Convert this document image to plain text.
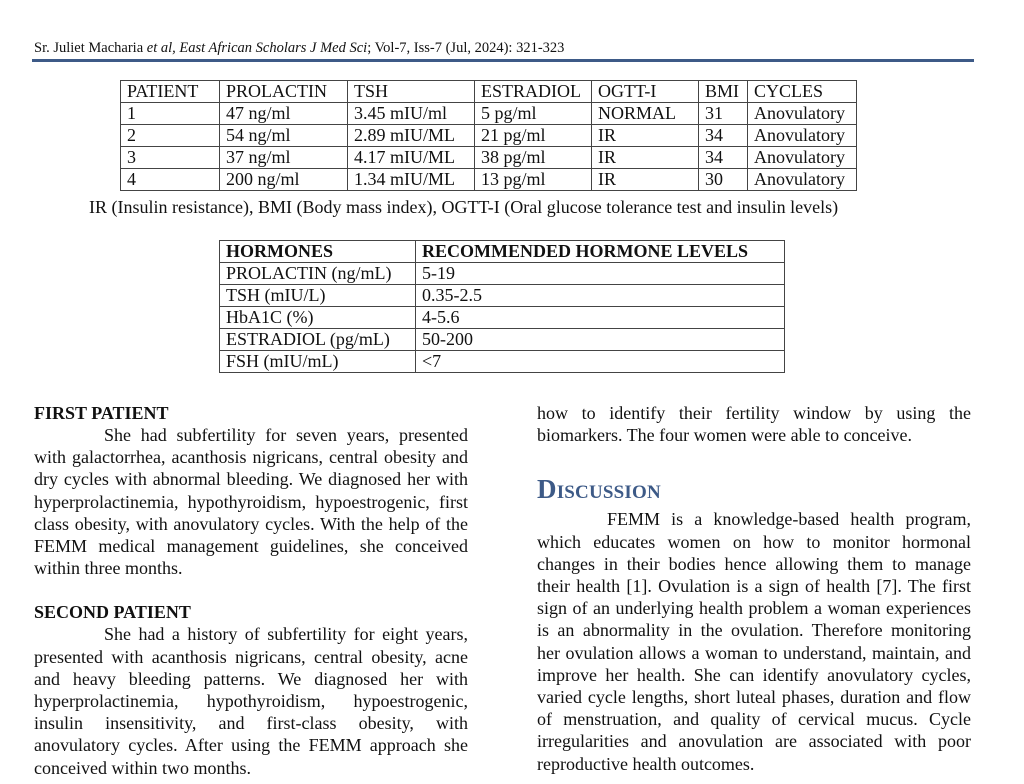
Sr. Juliet Macharia et al, East African Scholars J Med Sci; Vol-7, Iss-7 (Jul, 2024): 321-323
PATIENT	PROLACTIN	TSH	ESTRADIOL	OGTT-I	BMI	CYCLES
1	47 ng/ml	3.45 mIU/ml	5 pg/ml	NORMAL	31	Anovulatory
2	54 ng/ml	2.89 mIU/ML	21 pg/ml	IR	34	Anovulatory
3	37 ng/ml	4.17 mIU/ML	38 pg/ml	IR	34	Anovulatory
4	200 ng/ml	1.34 mIU/ML	13 pg/ml	IR	30	Anovulatory
IR (Insulin resistance), BMI (Body mass index), OGTT-I (Oral glucose tolerance test and insulin levels)
HORMONES	RECOMMENDED HORMONE LEVELS
PROLACTIN (ng/mL)	5-19
TSH (mIU/L)	0.35-2.5
HbA1C (%)	4-5.6
ESTRADIOL (pg/mL)	50-200
FSH (mIU/mL)	<7
FIRST PATIENT

She had subfertility for seven years, presented with galactorrhea, acanthosis nigricans, central obesity and dry cycles with abnormal bleeding. We diagnosed her with hyperprolactinemia, hypothyroidism, hypoestrogenic, first class obesity, with anovulatory cycles. With the help of the FEMM medical management guidelines, she conceived within three months.

SECOND PATIENT

She had a history of subfertility for eight years, presented with acanthosis nigricans, central obesity, acne and heavy bleeding patterns. We diagnosed her with hyperprolactinemia, hypothyroidism, hypoestrogenic, insulin insensitivity, and first-class obesity, with anovulatory cycles. After using the FEMM approach she conceived within two months.

how to identify their fertility window by using the biomarkers. The four women were able to conceive.

Discussion

FEMM is a knowledge-based health program, which educates women on how to monitor hormonal changes in their bodies hence allowing them to manage their health [1]. Ovulation is a sign of health [7]. The first sign of an underlying health problem a woman experiences is an abnormality in the ovulation. Therefore monitoring her ovulation allows a woman to understand, maintain, and improve her health. She can identify anovulatory cycles, varied cycle lengths, short luteal phases, duration and flow of menstruation, and quality of cervical mucus. Cycle irregularities and anovulation are associated with poor reproductive health outcomes.
